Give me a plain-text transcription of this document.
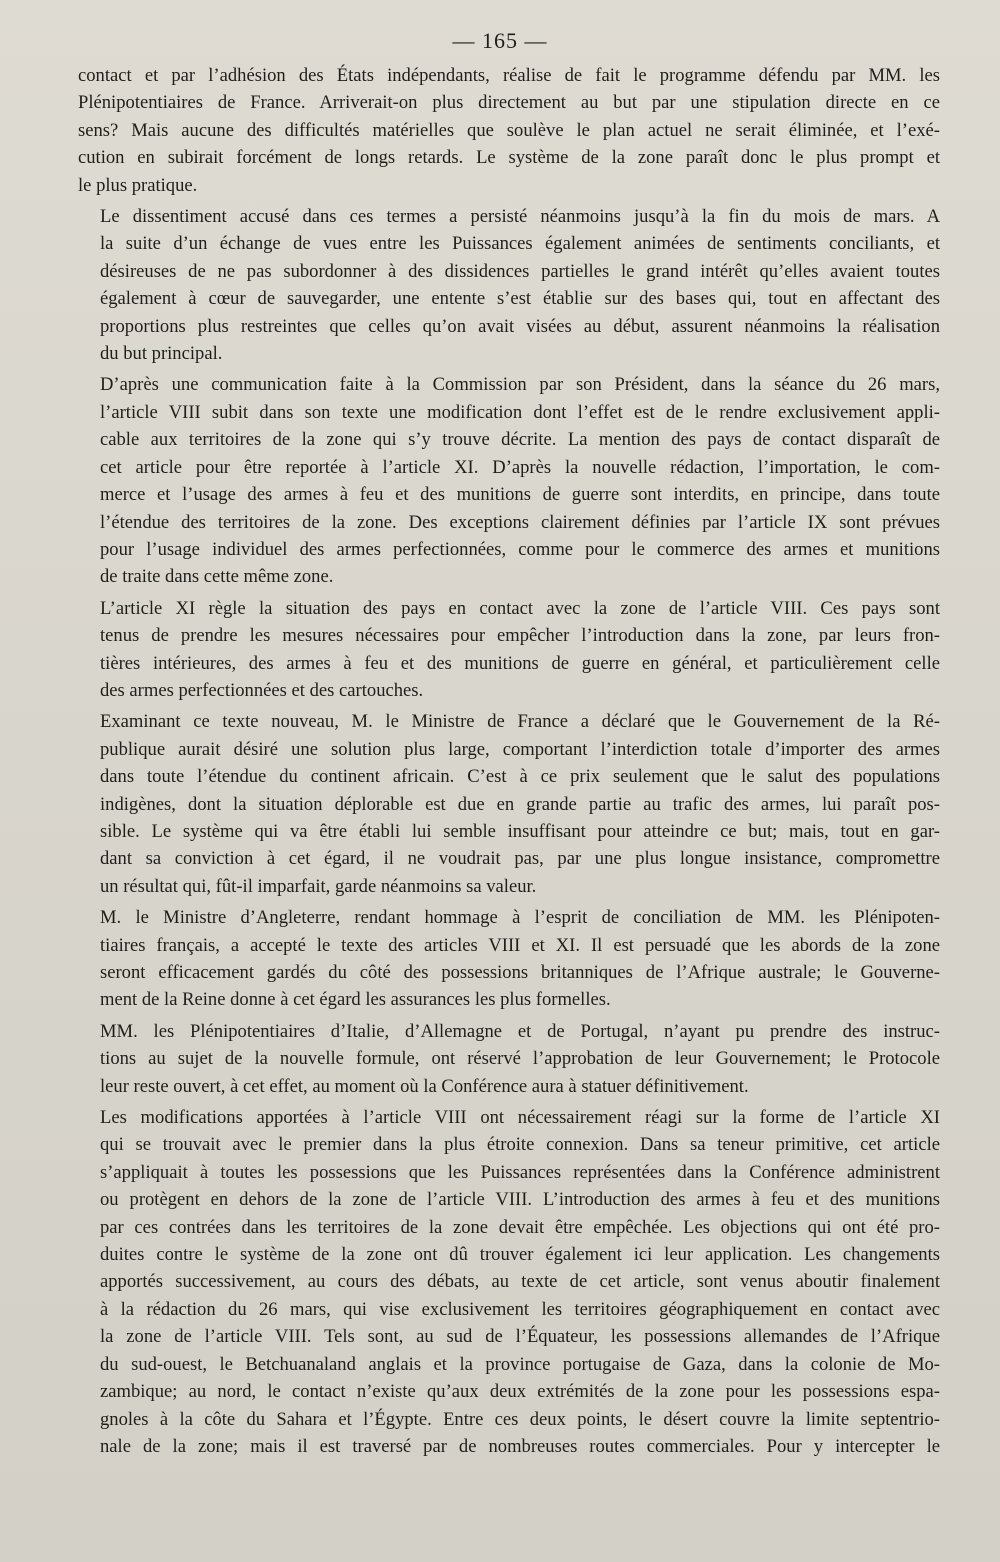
— 165 —
contact et par l’adhésion des États indépendants, réalise de fait le programme défendu par MM. les
Plénipotentiaires de France. Arriverait-on plus directement au but par une stipulation directe en ce
sens? Mais aucune des difficultés matérielles que soulève le plan actuel ne serait éliminée, et l’exé-
cution en subirait forcément de longs retards. Le système de la zone paraît donc le plus prompt et
le plus pratique.
Le dissentiment accusé dans ces termes a persisté néanmoins jusqu’à la fin du mois de mars. A
la suite d’un échange de vues entre les Puissances également animées de sentiments conciliants, et
désireuses de ne pas subordonner à des dissidences partielles le grand intérêt qu’elles avaient toutes
également à cœur de sauvegarder, une entente s’est établie sur des bases qui, tout en affectant des
proportions plus restreintes que celles qu’on avait visées au début, assurent néanmoins la réalisation
du but principal.
D’après une communication faite à la Commission par son Président, dans la séance du 26 mars,
l’article VIII subit dans son texte une modification dont l’effet est de le rendre exclusivement appli-
cable aux territoires de la zone qui s’y trouve décrite. La mention des pays de contact disparaît de
cet article pour être reportée à l’article XI. D’après la nouvelle rédaction, l’importation, le com-
merce et l’usage des armes à feu et des munitions de guerre sont interdits, en principe, dans toute
l’étendue des territoires de la zone. Des exceptions clairement définies par l’article IX sont prévues
pour l’usage individuel des armes perfectionnées, comme pour le commerce des armes et munitions
de traite dans cette même zone.
L’article XI règle la situation des pays en contact avec la zone de l’article VIII. Ces pays sont
tenus de prendre les mesures nécessaires pour empêcher l’introduction dans la zone, par leurs fron-
tières intérieures, des armes à feu et des munitions de guerre en général, et particulièrement celle
des armes perfectionnées et des cartouches.
Examinant ce texte nouveau, M. le Ministre de France a déclaré que le Gouvernement de la Ré-
publique aurait désiré une solution plus large, comportant l’interdiction totale d’importer des armes
dans toute l’étendue du continent africain. C’est à ce prix seulement que le salut des populations
indigènes, dont la situation déplorable est due en grande partie au trafic des armes, lui paraît pos-
sible. Le système qui va être établi lui semble insuffisant pour atteindre ce but; mais, tout en gar-
dant sa conviction à cet égard, il ne voudrait pas, par une plus longue insistance, compromettre
un résultat qui, fût-il imparfait, garde néanmoins sa valeur.
M. le Ministre d’Angleterre, rendant hommage à l’esprit de conciliation de MM. les Plénipoten-
tiaires français, a accepté le texte des articles VIII et XI. Il est persuadé que les abords de la zone
seront efficacement gardés du côté des possessions britanniques de l’Afrique australe; le Gouverne-
ment de la Reine donne à cet égard les assurances les plus formelles.
MM. les Plénipotentiaires d’Italie, d’Allemagne et de Portugal, n’ayant pu prendre des instruc-
tions au sujet de la nouvelle formule, ont réservé l’approbation de leur Gouvernement; le Protocole
leur reste ouvert, à cet effet, au moment où la Conférence aura à statuer définitivement.
Les modifications apportées à l’article VIII ont nécessairement réagi sur la forme de l’article XI
qui se trouvait avec le premier dans la plus étroite connexion. Dans sa teneur primitive, cet article
s’appliquait à toutes les possessions que les Puissances représentées dans la Conférence administrent
ou protègent en dehors de la zone de l’article VIII. L’introduction des armes à feu et des munitions
par ces contrées dans les territoires de la zone devait être empêchée. Les objections qui ont été pro-
duites contre le système de la zone ont dû trouver également ici leur application. Les changements
apportés successivement, au cours des débats, au texte de cet article, sont venus aboutir finalement
à la rédaction du 26 mars, qui vise exclusivement les territoires géographiquement en contact avec
la zone de l’article VIII. Tels sont, au sud de l’Équateur, les possessions allemandes de l’Afrique
du sud-ouest, le Betchuanaland anglais et la province portugaise de Gaza, dans la colonie de Mo-
zambique; au nord, le contact n’existe qu’aux deux extrémités de la zone pour les possessions espa-
gnoles à la côte du Sahara et l’Égypte. Entre ces deux points, le désert couvre la limite septentrio-
nale de la zone; mais il est traversé par de nombreuses routes commerciales. Pour y intercepter le
